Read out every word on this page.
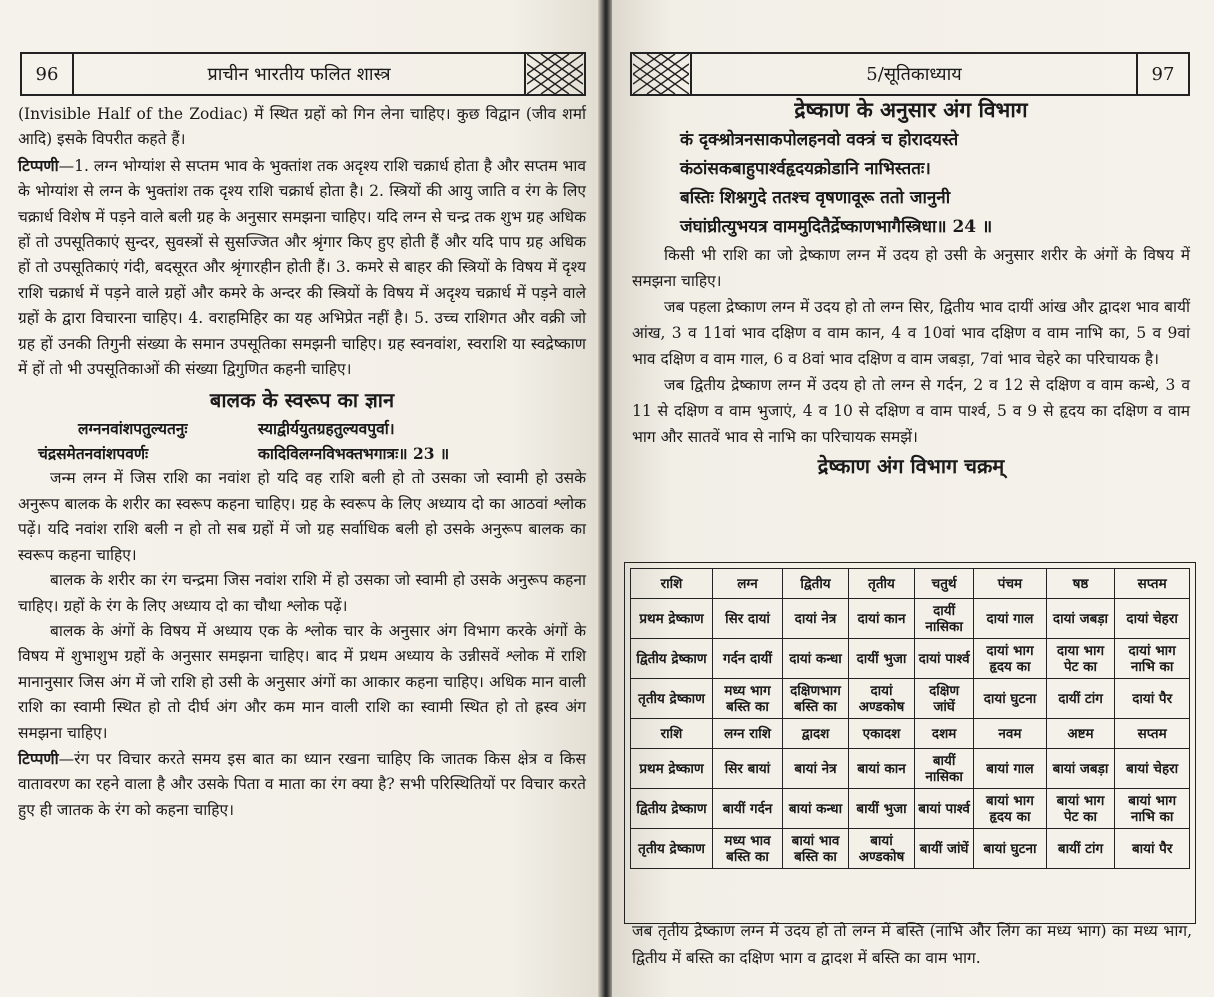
96	प्राचीन भारतीय फलित शास्त्र

(Invisible Half of the Zodiac) में स्थित ग्रहों को गिन लेना चाहिए। कुछ विद्वान (जीव शर्मा आदि) इसके विपरीत कहते हैं।

टिप्पणी—1. लग्न भोग्यांश से सप्तम भाव के भुक्तांश तक अदृश्य राशि चक्रार्ध होता है और सप्तम भाव के भोग्यांश से लग्न के भुक्तांश तक दृश्य राशि चक्रार्ध होता है। 2. स्त्रियों की आयु जाति व रंग के लिए चक्रार्ध विशेष में पड़ने वाले बली ग्रह के अनुसार समझना चाहिए। यदि लग्न से चन्द्र तक शुभ ग्रह अधिक हों तो उपसूतिकाएं सुन्दर, सुवस्त्रों से सुसज्जित और श्रृंगार किए हुए होती हैं और यदि पाप ग्रह अधिक हों तो उपसूतिकाएं गंदी, बदसूरत और श्रृंगारहीन होती हैं। 3. कमरे से बाहर की स्त्रियों के विषय में दृश्य राशि चक्रार्ध में पड़ने वाले ग्रहों और कमरे के अन्दर की स्त्रियों के विषय में अदृश्य चक्रार्ध में पड़ने वाले ग्रहों के द्वारा विचारना चाहिए। 4. वराहमिहिर का यह अभिप्रेत नहीं है। 5. उच्च राशिगत और वक्री जो ग्रह हों उनकी तिगुनी संख्या के समान उपसूतिका समझनी चाहिए। ग्रह स्वनवांश, स्वराशि या स्वद्रेष्काण में हों तो भी उपसूतिकाओं की संख्या द्विगुणित कहनी चाहिए।

बालक के स्वरूप का ज्ञान
लग्ननवांशपतुल्यतनुः	स्याद्वीर्ययुतग्रहतुल्यवपुर्वा।
चंद्रसमेतनवांशपवर्णः	कादिविलग्नविभक्तभगात्रः॥ 23 ॥

जन्म लग्न में जिस राशि का नवांश हो यदि वह राशि बली हो तो उसका जो स्वामी हो उसके अनुरूप बालक के शरीर का स्वरूप कहना चाहिए। ग्रह के स्वरूप के लिए अध्याय दो का आठवां श्लोक पढ़ें। यदि नवांश राशि बली न हो तो सब ग्रहों में जो ग्रह सर्वाधिक बली हो उसके अनुरूप बालक का स्वरूप कहना चाहिए।

बालक के शरीर का रंग चन्द्रमा जिस नवांश राशि में हो उसका जो स्वामी हो उसके अनुरूप कहना चाहिए। ग्रहों के रंग के लिए अध्याय दो का चौथा श्लोक पढ़ें।

बालक के अंगों के विषय में अध्याय एक के श्लोक चार के अनुसार अंग विभाग करके अंगों के विषय में शुभाशुभ ग्रहों के अनुसार समझना चाहिए। बाद में प्रथम अध्याय के उन्नीसवें श्लोक में राशि मानानुसार जिस अंग में जो राशि हो उसी के अनुसार अंगों का आकार कहना चाहिए। अधिक मान वाली राशि का स्वामी स्थित हो तो दीर्घ अंग और कम मान वाली राशि का स्वामी स्थित हो तो ह्रस्व अंग समझना चाहिए।

टिप्पणी—रंग पर विचार करते समय इस बात का ध्यान रखना चाहिए कि जातक किस क्षेत्र व किस वातावरण का रहने वाला है और उसके पिता व माता का रंग क्या है? सभी परिस्थितियों पर विचार करते हुए ही जातक के रंग को कहना चाहिए।

5/सूतिकाध्याय	97
द्रेष्काण के अनुसार अंग विभाग
कं दृक्श्रोत्रनसाकपोलहनवो वक्त्रं च होरादयस्ते
कंठांसकबाहुपार्श्वहृदयक्रोडानि नाभिस्ततः।
बस्तिः शिश्नगुदे ततश्च वृषणावूरू ततो जानुनी
जंघांघ्रीत्युभयत्र वाममुदितैर्द्रेष्काणभागैस्त्रिधा॥ 24 ॥

किसी भी राशि का जो द्रेष्काण लग्न में उदय हो उसी के अनुसार शरीर के अंगों के विषय में समझना चाहिए।

जब पहला द्रेष्काण लग्न में उदय हो तो लग्न सिर, द्वितीय भाव दायीं आंख और द्वादश भाव बायीं आंख, 3 व 11वां भाव दक्षिण व वाम कान, 4 व 10वां भाव दक्षिण व वाम नाभि का, 5 व 9वां भाव दक्षिण व वाम गाल, 6 व 8वां भाव दक्षिण व वाम जबड़ा, 7वां भाव चेहरे का परिचायक है।

जब द्वितीय द्रेष्काण लग्न में उदय हो तो लग्न से गर्दन, 2 व 12 से दक्षिण व वाम कन्धे, 3 व 11 से दक्षिण व वाम भुजाएं, 4 व 10 से दक्षिण व वाम पार्श्व, 5 व 9 से हृदय का दक्षिण व वाम भाग और सातवें भाव से नाभि का परिचायक समझें।

द्रेष्काण अंग विभाग चक्रम्
राशि	लग्न	द्वितीय	तृतीय	चतुर्थ	पंचम	षष्ठ	सप्तम
प्रथम द्रेष्काण	सिर दायां	दायां नेत्र	दायां कान	दायीं नासिका	दायां गाल	दायां जबड़ा	दायां चेहरा
द्वितीय द्रेष्काण	गर्दन दायीं	दायां कन्धा	दायीं भुजा	दायां पार्श्व	दायां भाग हृदय का	दाया भाग पेट का	दायां भाग नाभि का
तृतीय द्रेष्काण	मध्य भाग बस्ति का	दक्षिणभाग बस्ति का	दायां अण्डकोष	दक्षिण जांघें	दायां घुटना	दायीं टांग	दायां पैर
राशि	लग्न राशि	द्वादश	एकादश	दशम	नवम	अष्टम	सप्तम
प्रथम द्रेष्काण	सिर बायां	बायां नेत्र	बायां कान	बायीं नासिका	बायां गाल	बायां जबड़ा	बायां चेहरा
द्वितीय द्रेष्काण	बायीं गर्दन	बायां कन्धा	बायीं भुजा	बायां पार्श्व	बायां भाग हृदय का	बायां भाग पेट का	बायां भाग नाभि का
तृतीय द्रेष्काण	मध्य भाव बस्ति का	बायां भाव बस्ति का	बायां अण्डकोष	बायीं जांघें	बायां घुटना	बायीं टांग	बायां पैर

जब तृतीय द्रेष्काण लग्न में उदय हो तो लग्न में बस्ति (नाभि और लिंग का मध्य भाग) का मध्य भाग, द्वितीय में बस्ति का दक्षिण भाग व द्वादश में बस्ति का वाम भाग.
